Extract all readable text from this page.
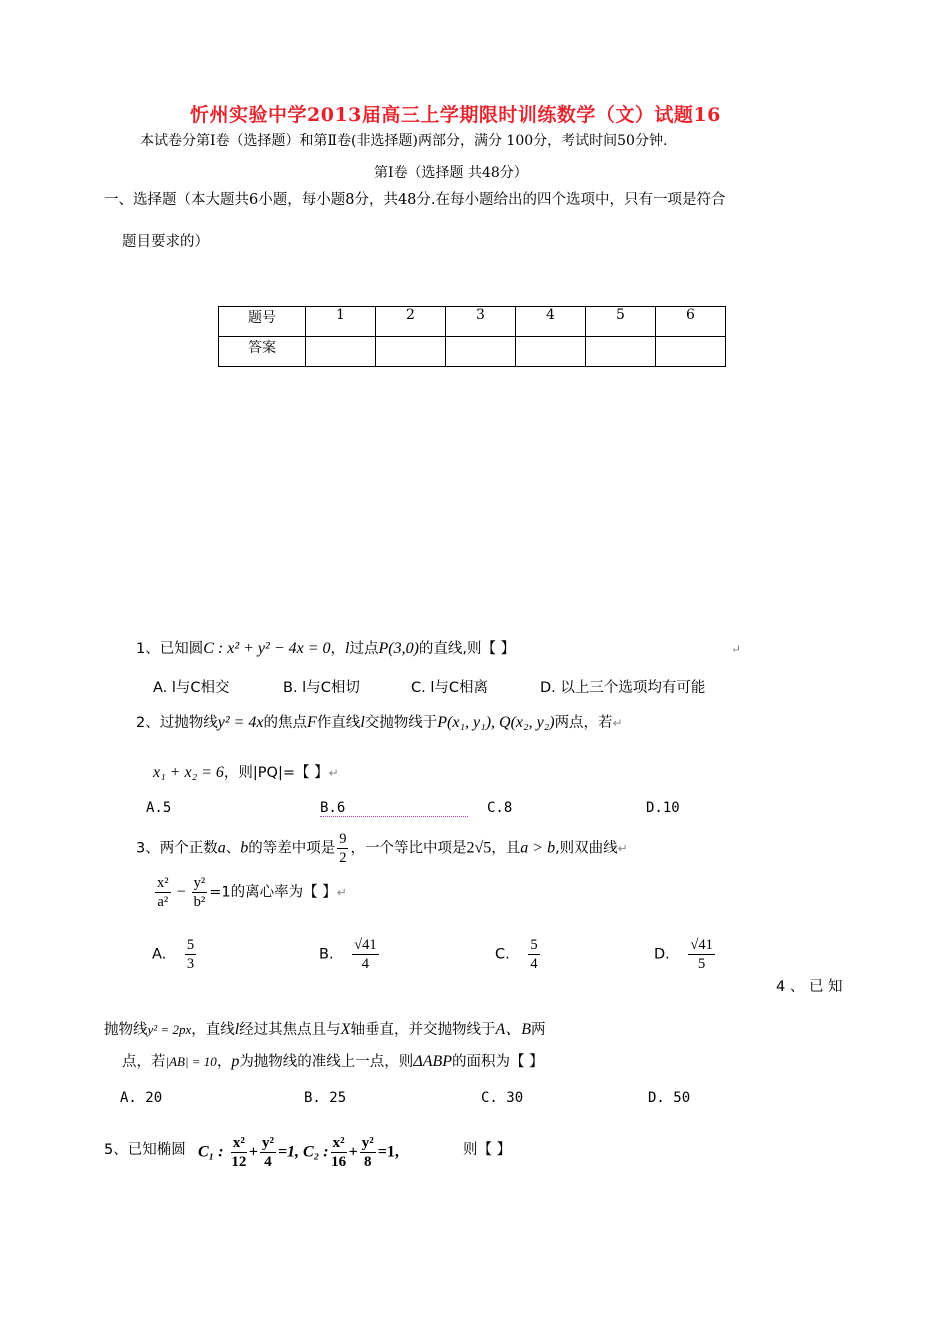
忻州实验中学2013届高三上学期限时训练数学（文）试题16
本试卷分第Ⅰ卷（选择题）和第Ⅱ卷(非选择题)两部分，满分 100分，考试时间50分钟.
第Ⅰ卷（选择题 共48分）
一、选择题（本大题共6小题，每小题8分，共48分.在每小题给出的四个选项中，只有一项是符合
题目要求的）
题号	1	2	3	4	5	6
答案						
1、已知圆C : x² + y² − 4x = 0，l过点P(3,0)的直线,则【 】	↵
A. l与C相交	B. l与C相切	C. l与C相离	D. 以上三个选项均有可能
2、过抛物线y² = 4x的焦点F作直线l交抛物线于P(x₁, y₁), Q(x₂, y₂)两点，若↵
x₁ + x₂ = 6，则|PQ|=【 】↵
A.5	B.6	C.8	D.10
3、两个正数a、b的等差中项是 $\frac{9}{2}$ ，一个等比中项是2√5，且a > b,则双曲线↵
$\frac{\text{x²}}{\text{a²}} - \frac{\text{y²}}{\text{b²}} =1$的离心率为【 】↵
A. $\frac{5}{3}$	B. $\frac{√41}{4}$	C. $\frac{5}{4}$	D. $\frac{√41}{5}$
4 、 已 知
抛物线y² = 2px，直线l经过其焦点且与X轴垂直，并交抛物线于A、B两
点，若|AB| = 10，p为抛物线的准线上一点，则ΔABP的面积为【 】
A. 20	B. 25	C. 30	D. 50
5、已知椭圆 C₁ : $\frac{\text{x²}}{12} + \frac{\text{y²}}{4} =1$, C₂ : $\frac{\text{x²}}{16} + \frac{\text{y²}}{8} =1$,	则【 】
